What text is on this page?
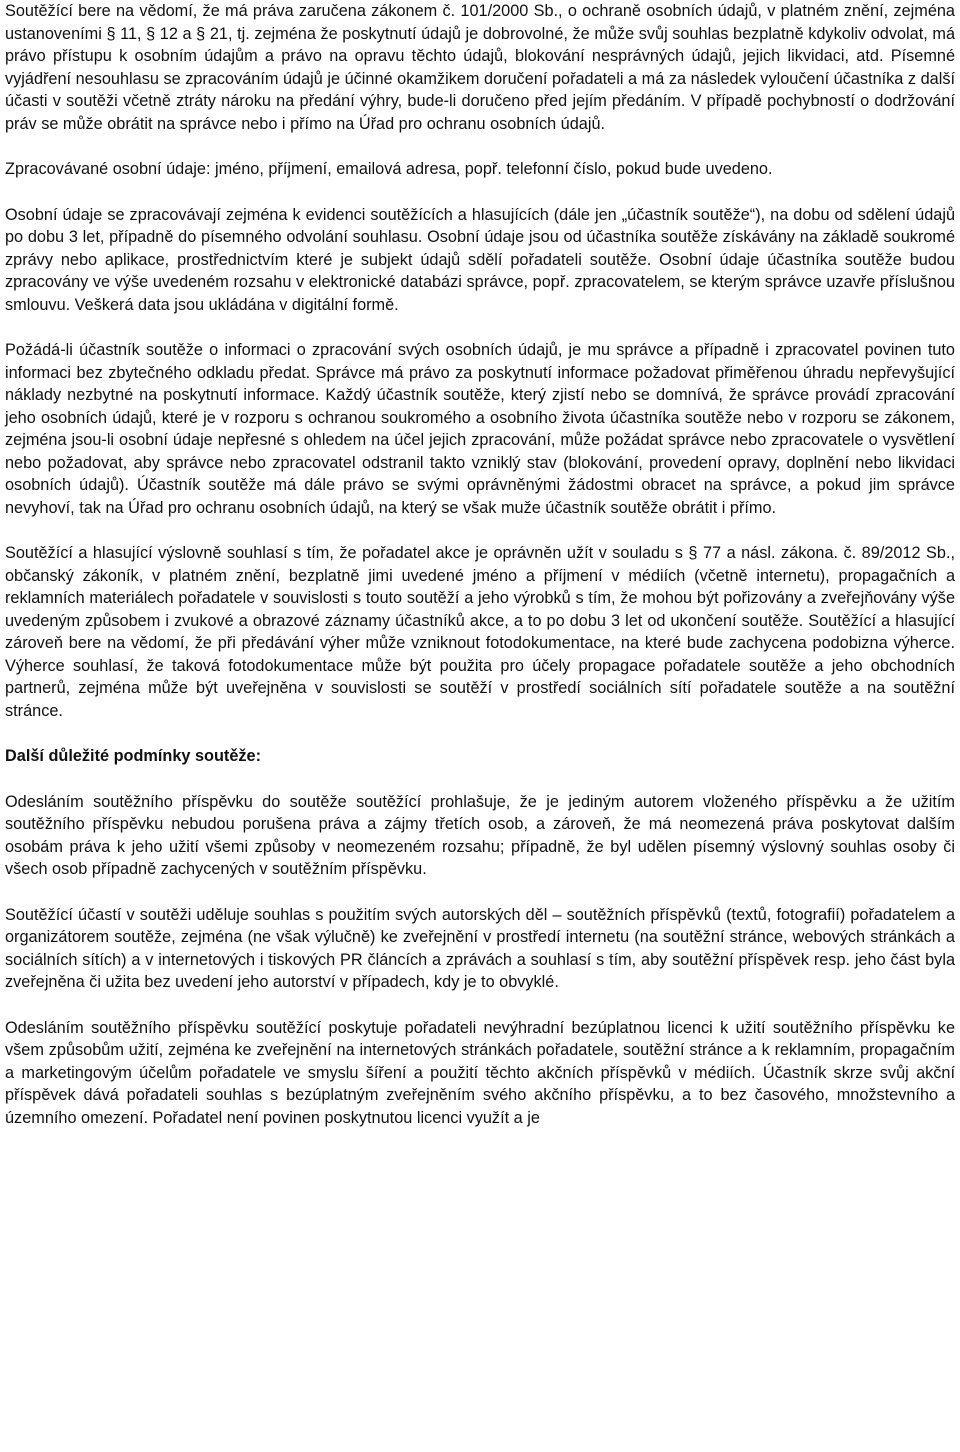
Soutěžící bere na vědomí, že má práva zaručena zákonem č. 101/2000 Sb., o ochraně osobních údajů, v platném znění, zejména ustanoveními § 11, § 12 a § 21, tj. zejména že poskytnutí údajů je dobrovolné, že může svůj souhlas bezplatně kdykoliv odvolat, má právo přístupu k osobním údajům a právo na opravu těchto údajů, blokování nesprávných údajů, jejich likvidaci, atd. Písemné vyjádření nesouhlasu se zpracováním údajů je účinné okamžikem doručení pořadateli a má za následek vyloučení účastníka z další účasti v soutěži včetně ztráty nároku na předání výhry, bude-li doručeno před jejím předáním. V případě pochybností o dodržování práv se může obrátit na správce nebo i přímo na Úřad pro ochranu osobních údajů.

Zpracovávané osobní údaje: jméno, příjmení, emailová adresa, popř. telefonní číslo, pokud bude uvedeno.

Osobní údaje se zpracovávají zejména k evidenci soutěžících a hlasujících (dále jen „účastník soutěže“), na dobu od sdělení údajů po dobu 3 let, případně do písemného odvolání souhlasu. Osobní údaje jsou od účastníka soutěže získávány na základě soukromé zprávy nebo aplikace, prostřednictvím které je subjekt údajů sdělí pořadateli soutěže. Osobní údaje účastníka soutěže budou zpracovány ve výše uvedeném rozsahu v elektronické databázi správce, popř. zpracovatelem, se kterým správce uzavře příslušnou smlouvu. Veškerá data jsou ukládána v digitální formě.

Požádá-li účastník soutěže o informaci o zpracování svých osobních údajů, je mu správce a případně i zpracovatel povinen tuto informaci bez zbytečného odkladu předat. Správce má právo za poskytnutí informace požadovat přiměřenou úhradu nepřevyšující náklady nezbytné na poskytnutí informace. Každý účastník soutěže, který zjistí nebo se domnívá, že správce provádí zpracování jeho osobních údajů, které je v rozporu s ochranou soukromého a osobního života účastníka soutěže nebo v rozporu se zákonem, zejména jsou-li osobní údaje nepřesné s ohledem na účel jejich zpracování, může požádat správce nebo zpracovatele o vysvětlení nebo požadovat, aby správce nebo zpracovatel odstranil takto vzniklý stav (blokování, provedení opravy, doplnění nebo likvidaci osobních údajů). Účastník soutěže má dále právo se svými oprávněnými žádostmi obracet na správce, a pokud jim správce nevyhoví, tak na Úřad pro ochranu osobních údajů, na který se však muže účastník soutěže obrátit i přímo.

Soutěžící a hlasující výslovně souhlasí s tím, že pořadatel akce je oprávněn užít v souladu s § 77 a násl. zákona. č. 89/2012 Sb., občanský zákoník, v platném znění, bezplatně jimi uvedené jméno a příjmení v médiích (včetně internetu), propagačních a reklamních materiálech pořadatele v souvislosti s touto soutěží a jeho výrobků s tím, že mohou být pořizovány a zveřejňovány výše uvedeným způsobem i zvukové a obrazové záznamy účastníků akce, a to po dobu 3 let od ukončení soutěže. Soutěžící a hlasující zároveň bere na vědomí, že při předávání výher může vzniknout fotodokumentace, na které bude zachycena podobizna výherce. Výherce souhlasí, že taková fotodokumentace může být použita pro účely propagace pořadatele soutěže a jeho obchodních partnerů, zejména může být uveřejněna v souvislosti se soutěží v prostředí sociálních sítí pořadatele soutěže a na soutěžní stránce.

Další důležité podmínky soutěže:

Odesláním soutěžního příspěvku do soutěže soutěžící prohlašuje, že je jediným autorem vloženého příspěvku a že užitím soutěžního příspěvku nebudou porušena práva a zájmy třetích osob, a zároveň, že má neomezená práva poskytovat dalším osobám práva k jeho užití všemi způsoby v neomezeném rozsahu; případně, že byl udělen písemný výslovný souhlas osoby či všech osob případně zachycených v soutěžním příspěvku.

Soutěžící účastí v soutěži uděluje souhlas s použitím svých autorských děl – soutěžních příspěvků (textů, fotografií) pořadatelem a organizátorem soutěže, zejména (ne však výlučně) ke zveřejnění v prostředí internetu (na soutěžní stránce, webových stránkách a sociálních sítích) a v internetových i tiskových PR článcích a zprávách a souhlasí s tím, aby soutěžní příspěvek resp. jeho část byla zveřejněna či užita bez uvedení jeho autorství v případech, kdy je to obvyklé.

Odesláním soutěžního příspěvku soutěžící poskytuje pořadateli nevýhradní bezúplatnou licenci k užití soutěžního příspěvku ke všem způsobům užití, zejména ke zveřejnění na internetových stránkách pořadatele, soutěžní stránce a k reklamním, propagačním a marketingovým účelům pořadatele ve smyslu šíření a použití těchto akčních příspěvků v médiích. Účastník skrze svůj akční příspěvek dává pořadateli souhlas s bezúplatným zveřejněním svého akčního příspěvku, a to bez časového, množstevního a územního omezení. Pořadatel není povinen poskytnutou licenci využít a je
